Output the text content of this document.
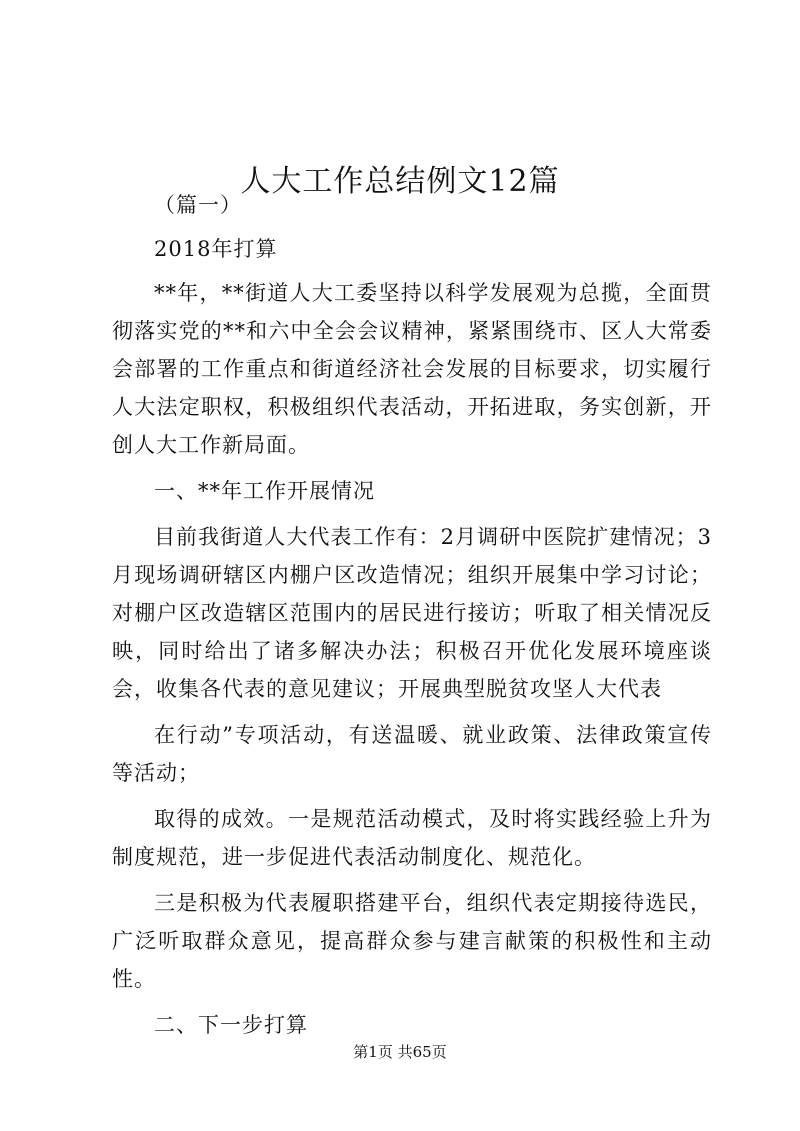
人大工作总结例文12篇

（篇一）

2018年打算

**年，**街道人大工委坚持以科学发展观为总揽，全面贯彻落实党的**和六中全会会议精神，紧紧围绕市、区人大常委会部署的工作重点和街道经济社会发展的目标要求，切实履行人大法定职权，积极组织代表活动，开拓进取，务实创新，开创人大工作新局面。

一、**年工作开展情况

目前我街道人大代表工作有：2月调研中医院扩建情况；3月现场调研辖区内棚户区改造情况；组织开展集中学习讨论；对棚户区改造辖区范围内的居民进行接访；听取了相关情况反映，同时给出了诸多解决办法；积极召开优化发展环境座谈会，收集各代表的意见建议；开展典型脱贫攻坚人大代表

在行动”专项活动，有送温暖、就业政策、法律政策宣传等活动；

取得的成效。一是规范活动模式，及时将实践经验上升为制度规范，进一步促进代表活动制度化、规范化。

三是积极为代表履职搭建平台，组织代表定期接待选民，广泛听取群众意见，提高群众参与建言献策的积极性和主动性。

二、下一步打算

第1页 共65页
